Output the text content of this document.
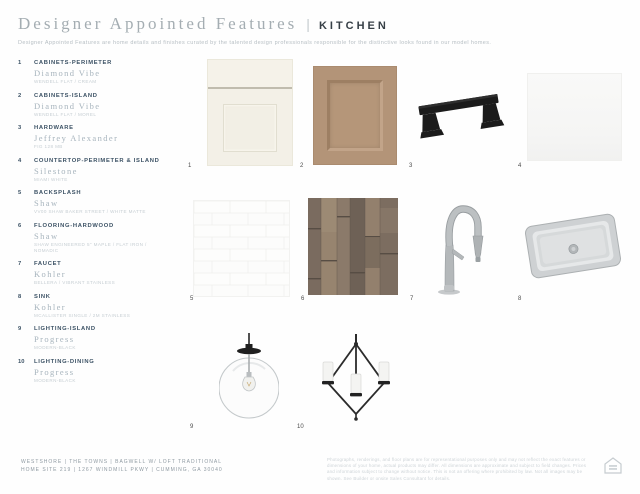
Designer Appointed Features | KITCHEN
Designer Appointed Features are home details and finishes curated by the talented design professionals responsible for the distinctive looks found in our model homes.
1	CABINETS-PERIMETER
Diamond Vibe
WENDELL FLAT / CREAM
2	CABINETS-ISLAND
Diamond Vibe
WENDELL FLAT / MOREL
3	HARDWARE
Jeffrey Alexander
FIG 128 MB
4	COUNTERTOP-PERIMETER & ISLAND
Silestone
MIAMI WHITE
5	BACKSPLASH
Shaw
VV00 SHAW BAKER STREET / WHITE MATTE
6	FLOORING-HARDWOOD
Shaw
SHAW ENGINEERED 5" MAPLE / FLAT IRON / NOMADIC
7	FAUCET
Kohler
BELLERA / VIBRANT STAINLESS
8	SINK
Kohler
MCALLISTER SINGLE / 2M STAINLESS
9	LIGHTING-ISLAND
Progress
MODERN-BLACK
10	LIGHTING-DINING
Progress
MODERN-BLACK
1	2	3	4
5	6	7	8
9	10
WESTSHORE | THE TOWNS | BAGWELL W/ LOFT TRADITIONAL
HOME SITE 219 | 1267 WINDMILL PKWY | CUMMING, GA 30040
Photographs, renderings, and floor plans are for representational purposes only and may not reflect the exact features or dimensions of your home, actual products may differ. All dimensions are approximate and subject to field changes. Prices and information subject to change without notice. This is not an offering where prohibited by law. Not all images may be shown. See Builder or onsite Sales Consultant for details.
